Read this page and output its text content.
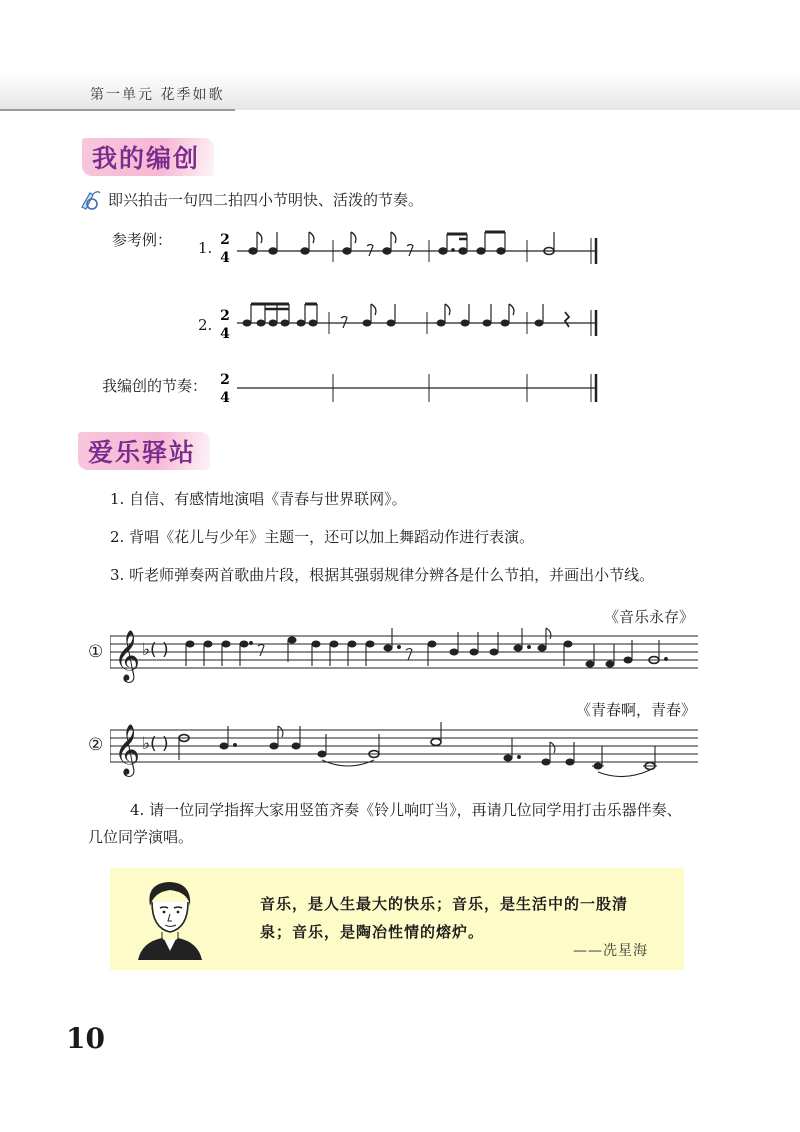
第一单元 花季如歌
我的编创
即兴拍击一句四二拍四小节明快、活泼的节奏。
参考例： 1.
2.
我编创的节奏：
2
4
2
4
2
4
爱乐驿站
1. 自信、有感情地演唱《青春与世界联网》。
2. 背唱《花儿与少年》主题一，还可以加上舞蹈动作进行表演。
3. 听老师弹奏两首歌曲片段，根据其强弱规律分辨各是什么节拍，并画出小节线。
《音乐永存》
① 𝄞 ♭( )
《青春啊，青春》
② 𝄞 ♭( )
4. 请一位同学指挥大家用竖笛齐奏《铃儿响叮当》，再请几位同学用打击乐器伴奏、
几位同学演唱。
音乐，是人生最大的快乐；音乐，是生活中的一股清
泉；音乐，是陶冶性情的熔炉。
——冼星海
10
